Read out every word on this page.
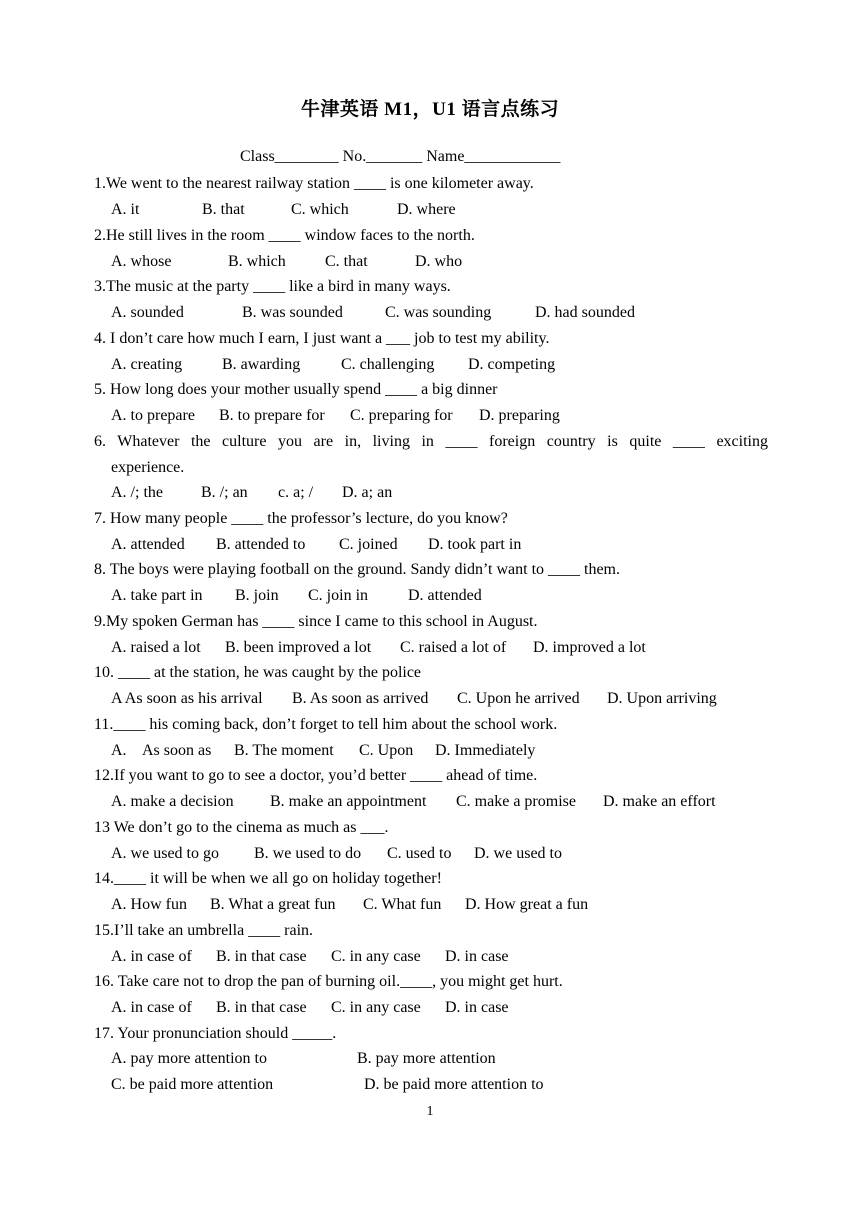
牛津英语 M1，U1 语言点练习
Class________ No._______ Name____________
1.We went to the nearest railway station ____ is one kilometer away.

A. it

	B. that

	C. which

	D. where

2.He still lives in the room ____ window faces to the north.

A. whose

	B. which

C. that

	D. who

3.The music at the party ____ like a bird in many ways.

A. sounded

	B. was sounded

	C. was sounding

	D. had sounded

4. I don’t care how much I earn, I just want a ___ job to test my ability.

A. creating

B. awarding

	C. challenging

D. competing

5. How long does your mother usually spend ____ a big dinner

A. to prepare

B. to prepare for

C. preparing for

D. preparing

6. Whatever the culture you are in, living in ____ foreign country is quite ____ exciting
experience.

A. /; the

B. /; an

c. a; /

D. a; an

7. How many people ____ the professor’s lecture, do you know?

A. attended

B. attended to

C. joined

D. took part in

8. The boys were playing football on the ground. Sandy didn’t want to ____ them.

A. take part in

B. join

C. join in

D. attended

9.My spoken German has ____ since I came to this school in August.

A. raised a lot

B. been improved a lot

C. raised a lot of

D. improved a lot

10. ____ at the station, he was caught by the police

A As soon as his arrival

B. As soon as arrived

C. Upon he arrived

D. Upon arriving

11.____ his coming back, don’t forget to tell him about the school work.

A.

As soon as

B. The moment

C. Upon

D. Immediately

12.If you want to go to see a doctor, you’d better ____ ahead of time.

A. make a decision

B. make an appointment

C. make a promise

D. make an effort

13 We don’t go to the cinema as much as ___.

A. we used to go

B. we used to do

C. used to

D. we used to

14.____ it will be when we all go on holiday together!

A. How fun

B. What a great fun

C. What fun

D. How great a fun

15.I’ll take an umbrella ____ rain.

A. in case of

B. in that case

C. in any case

D. in case

16. Take care not to drop the pan of burning oil.____, you might get hurt.

A. in case of

B. in that case

C. in any case

D. in case

17. Your pronunciation should _____.

A. pay more attention to

	B. pay more attention

C. be paid more attention

	D. be paid more attention to

1
